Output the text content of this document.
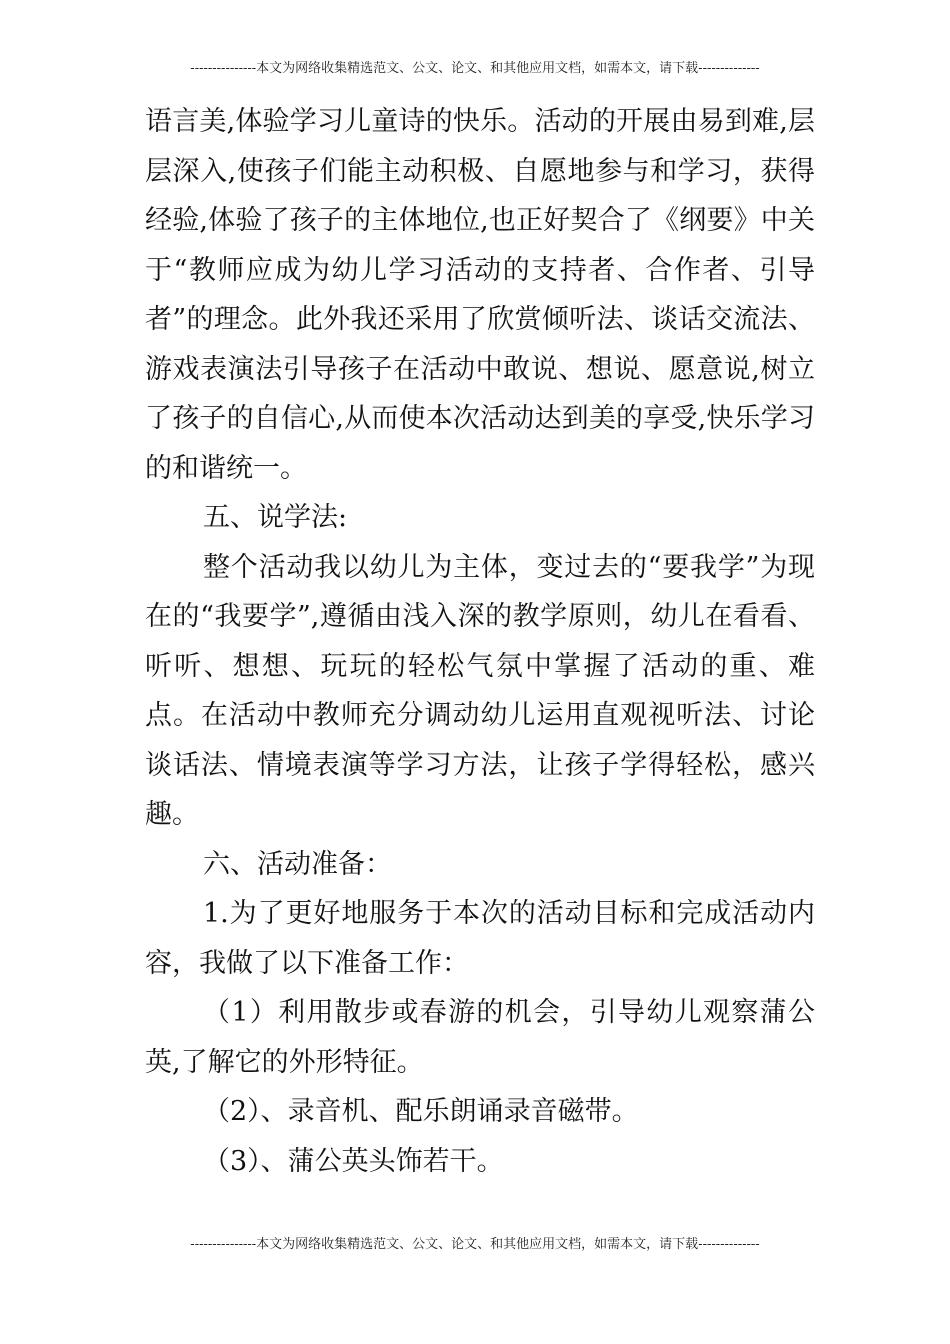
---------------本文为网络收集精选范文、公文、论文、和其他应用文档，如需本文，请下载--------------

语言美,体验学习儿童诗的快乐。活动的开展由易到难,层层深入,使孩子们能主动积极、自愿地参与和学习，获得经验,体验了孩子的主体地位,也正好契合了《纲要》中关于“教师应成为幼儿学习活动的支持者、合作者、引导者”的理念。此外我还采用了欣赏倾听法、谈话交流法、游戏表演法引导孩子在活动中敢说、想说、愿意说,树立了孩子的自信心,从而使本次活动达到美的享受,快乐学习的和谐统一。

五、说学法:

整个活动我以幼儿为主体，变过去的“要我学”为现在的“我要学”,遵循由浅入深的教学原则，幼儿在看看、听听、想想、玩玩的轻松气氛中掌握了活动的重、难点。在活动中教师充分调动幼儿运用直观视听法、讨论谈话法、情境表演等学习方法，让孩子学得轻松，感兴趣。

六、活动准备：

1.为了更好地服务于本次的活动目标和完成活动内容，我做了以下准备工作：

（1）利用散步或春游的机会，引导幼儿观察蒲公英,了解它的外形特征。

（2）、录音机、配乐朗诵录音磁带。

（3）、蒲公英头饰若干。

---------------本文为网络收集精选范文、公文、论文、和其他应用文档，如需本文，请下载--------------
